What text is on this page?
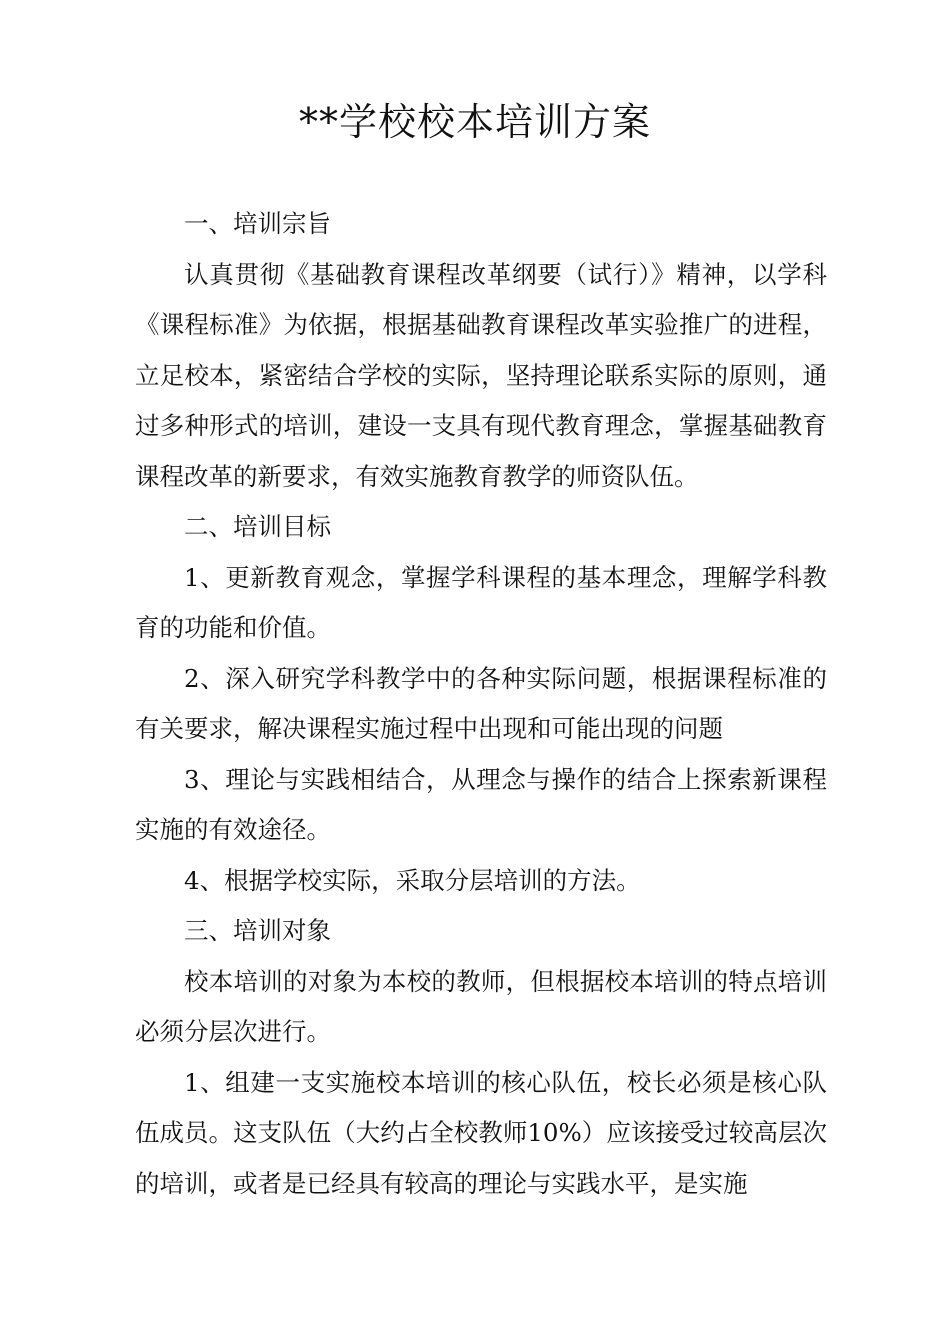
**学校校本培训方案

一、培训宗旨

认真贯彻《基础教育课程改革纲要（试行）》精神，以学科《课程标准》为依据，根据基础教育课程改革实验推广的进程，立足校本，紧密结合学校的实际，坚持理论联系实际的原则，通过多种形式的培训，建设一支具有现代教育理念，掌握基础教育课程改革的新要求，有效实施教育教学的师资队伍。

二、培训目标

1、更新教育观念，掌握学科课程的基本理念，理解学科教育的功能和价值。

2、深入研究学科教学中的各种实际问题，根据课程标准的有关要求，解决课程实施过程中出现和可能出现的问题

3、理论与实践相结合，从理念与操作的结合上探索新课程实施的有效途径。

4、根据学校实际，采取分层培训的方法。

三、培训对象

校本培训的对象为本校的教师，但根据校本培训的特点培训必须分层次进行。

1、组建一支实施校本培训的核心队伍，校长必须是核心队伍成员。这支队伍（大约占全校教师10%）应该接受过较高层次的培训，或者是已经具有较高的理论与实践水平，是实施
